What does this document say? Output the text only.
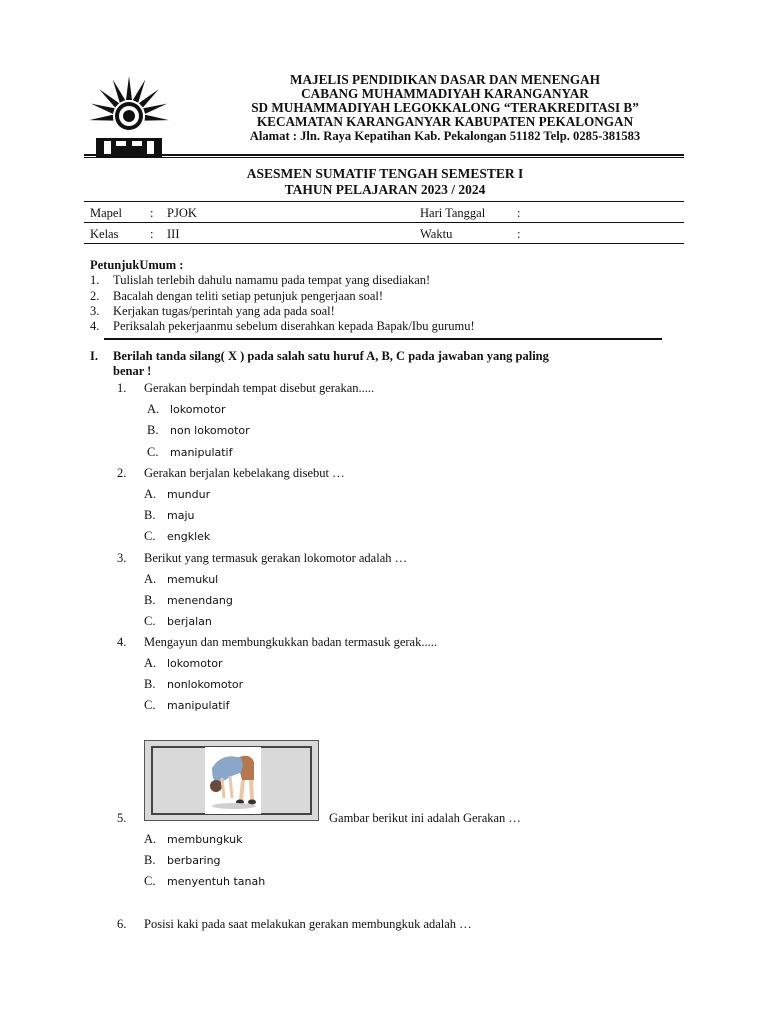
MAJELIS PENDIDIKAN DASAR DAN MENENGAH
CABANG MUHAMMADIYAH KARANGANYAR
SD MUHAMMADIYAH LEGOKKALONG “TERAKREDITASI B”
KECAMATAN KARANGANYAR KABUPATEN PEKALONGAN
Alamat : Jln. Raya Kepatihan Kab. Pekalongan 51182 Telp. 0285-381583
ASESMEN SUMATIF TENGAH SEMESTER I
TAHUN PELAJARAN 2023 / 2024
Mapel : PJOK	Hari Tanggal	:
Kelas	: III	Waktu	:
PetunjukUmum :
1. Tulislah terlebih dahulu namamu pada tempat yang disediakan!
2. Bacalah dengan teliti setiap petunjuk pengerjaan soal!
3. Kerjakan tugas/perintah yang ada pada soal!
4. Periksalah pekerjaanmu sebelum diserahkan kepada Bapak/Ibu gurumu!
I. Berilah tanda silang( X ) pada salah satu huruf A, B, C pada jawaban yang paling
benar !
1. Gerakan berpindah tempat disebut gerakan.....
A. lokomotor
B. non lokomotor
C. manipulatif
2. Gerakan berjalan kebelakang disebut …
A. mundur
B. maju
C. engklek
3. Berikut yang termasuk gerakan lokomotor adalah …
A. memukul
B. menendang
C. berjalan
4. Mengayun dan membungkukkan badan termasuk gerak.....
A. lokomotor
B. nonlokomotor
C. manipulatif
5.	Gambar berikut ini adalah Gerakan …
A. membungkuk
B. berbaring
C. menyentuh tanah
6. Posisi kaki pada saat melakukan gerakan membungkuk adalah …
